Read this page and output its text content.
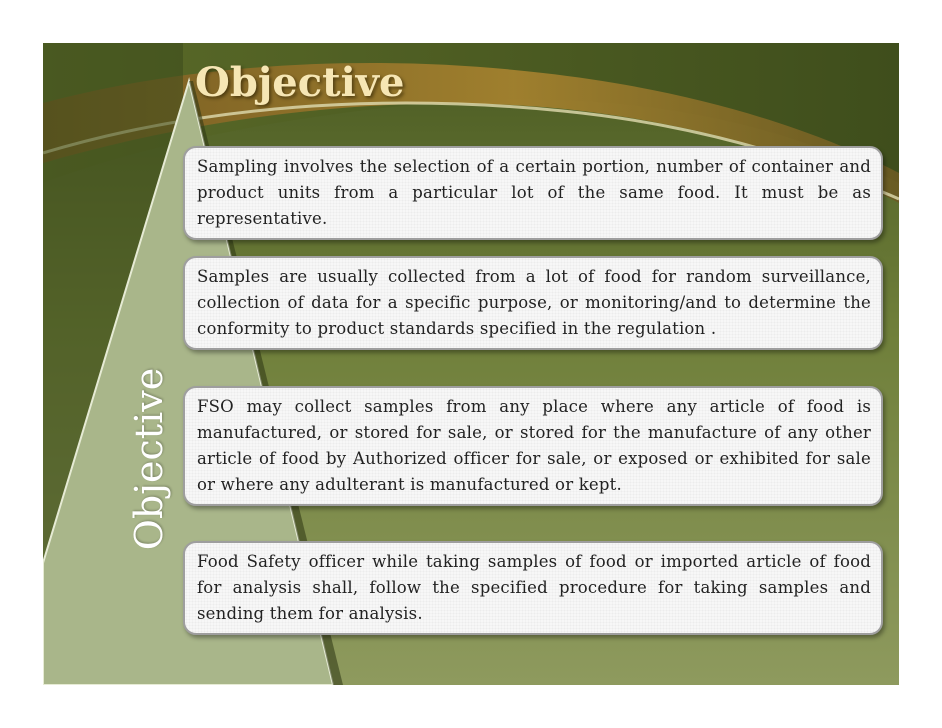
Objective
Objective

Sampling involves the selection of a certain portion, number of container and product units from a particular lot of the same food. It must be as representative.

Samples are usually collected from a lot of food for random surveillance, collection of data for a specific purpose, or monitoring/and to determine the conformity to product standards specified in the regulation .

FSO may collect samples from any place where any article of food is manufactured, or stored for sale, or stored for the manufacture of any other article of food by Authorized officer for sale, or exposed or exhibited for sale or where any adulterant is manufactured or kept.

Food Safety officer while taking samples of food or imported article of food for analysis shall, follow the specified procedure for taking samples and sending them for analysis.
